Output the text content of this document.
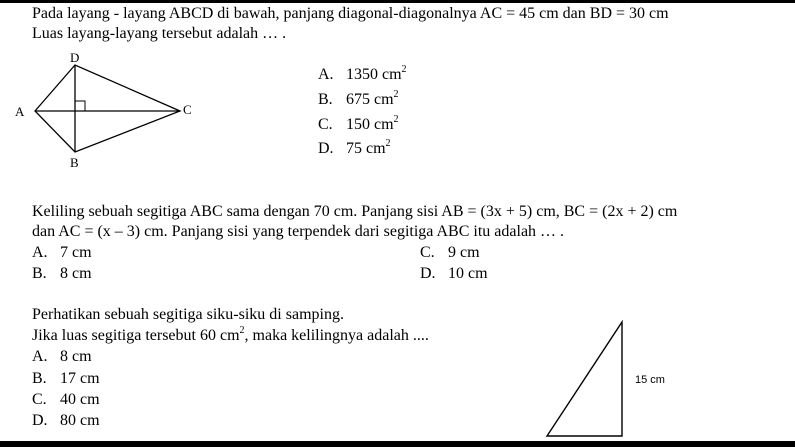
Pada layang - layang ABCD di bawah, panjang diagonal-diagonalnya AC = 45 cm dan BD = 30 cm
Luas layang-layang tersebut adalah … .
D
A	C
B
A. 1350 $cm^2$
B. 675 $cm^2$
C. 150 $cm^2$
D. 75 $cm^2$
Keliling sebuah segitiga ABC sama dengan 70 cm. Panjang sisi AB = (3x + 5) cm, BC = (2x + 2) cm
dan AC = (x – 3) cm. Panjang sisi yang terpendek dari segitiga ABC itu adalah … .
A. 7 cm	C. 9 cm
B. 8 cm	D. 10 cm
Perhatikan sebuah segitiga siku-siku di samping.
Jika luas segitiga tersebut 60 $cm^2$, maka kelilingnya adalah ....
A. 8 cm
B. 17 cm
C. 40 cm
D. 80 cm
15 cm
